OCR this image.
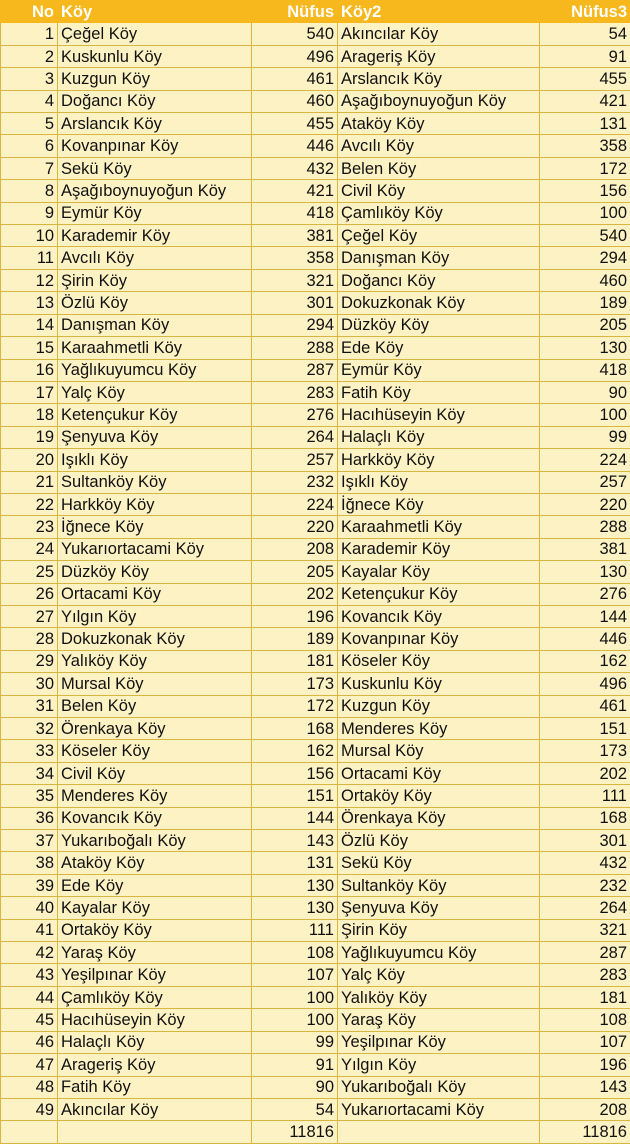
No	Köy	Nüfus	Köy2	Nüfus3
1	Çeğel Köy	540	Akıncılar Köy	54
2	Kuskunlu Köy	496	Arageriş Köy	91
3	Kuzgun Köy	461	Arslancık Köy	455
4	Doğancı Köy	460	Aşağıboynuyoğun Köy	421
5	Arslancık Köy	455	Ataköy Köy	131
6	Kovanpınar Köy	446	Avcılı Köy	358
7	Sekü Köy	432	Belen Köy	172
8	Aşağıboynuyoğun Köy	421	Civil Köy	156
9	Eymür Köy	418	Çamlıköy Köy	100
10	Karademir Köy	381	Çeğel Köy	540
11	Avcılı Köy	358	Danışman Köy	294
12	Şirin Köy	321	Doğancı Köy	460
13	Özlü Köy	301	Dokuzkonak Köy	189
14	Danışman Köy	294	Düzköy Köy	205
15	Karaahmetli Köy	288	Ede Köy	130
16	Yağlıkuyumcu Köy	287	Eymür Köy	418
17	Yalç Köy	283	Fatih Köy	90
18	Ketençukur Köy	276	Hacıhüseyin Köy	100
19	Şenyuva Köy	264	Halaçlı Köy	99
20	Işıklı Köy	257	Harkköy Köy	224
21	Sultanköy Köy	232	Işıklı Köy	257
22	Harkköy Köy	224	İğnece Köy	220
23	İğnece Köy	220	Karaahmetli Köy	288
24	Yukarıortacami Köy	208	Karademir Köy	381
25	Düzköy Köy	205	Kayalar Köy	130
26	Ortacami Köy	202	Ketençukur Köy	276
27	Yılgın Köy	196	Kovancık Köy	144
28	Dokuzkonak Köy	189	Kovanpınar Köy	446
29	Yalıköy Köy	181	Köseler Köy	162
30	Mursal Köy	173	Kuskunlu Köy	496
31	Belen Köy	172	Kuzgun Köy	461
32	Örenkaya Köy	168	Menderes Köy	151
33	Köseler Köy	162	Mursal Köy	173
34	Civil Köy	156	Ortacami Köy	202
35	Menderes Köy	151	Ortaköy Köy	111
36	Kovancık Köy	144	Örenkaya Köy	168
37	Yukarıboğalı Köy	143	Özlü Köy	301
38	Ataköy Köy	131	Sekü Köy	432
39	Ede Köy	130	Sultanköy Köy	232
40	Kayalar Köy	130	Şenyuva Köy	264
41	Ortaköy Köy	111	Şirin Köy	321
42	Yaraş Köy	108	Yağlıkuyumcu Köy	287
43	Yeşilpınar Köy	107	Yalç Köy	283
44	Çamlıköy Köy	100	Yalıköy Köy	181
45	Hacıhüseyin Köy	100	Yaraş Köy	108
46	Halaçlı Köy	99	Yeşilpınar Köy	107
47	Arageriş Köy	91	Yılgın Köy	196
48	Fatih Köy	90	Yukarıboğalı Köy	143
49	Akıncılar Köy	54	Yukarıortacami Köy	208
		11816		11816
